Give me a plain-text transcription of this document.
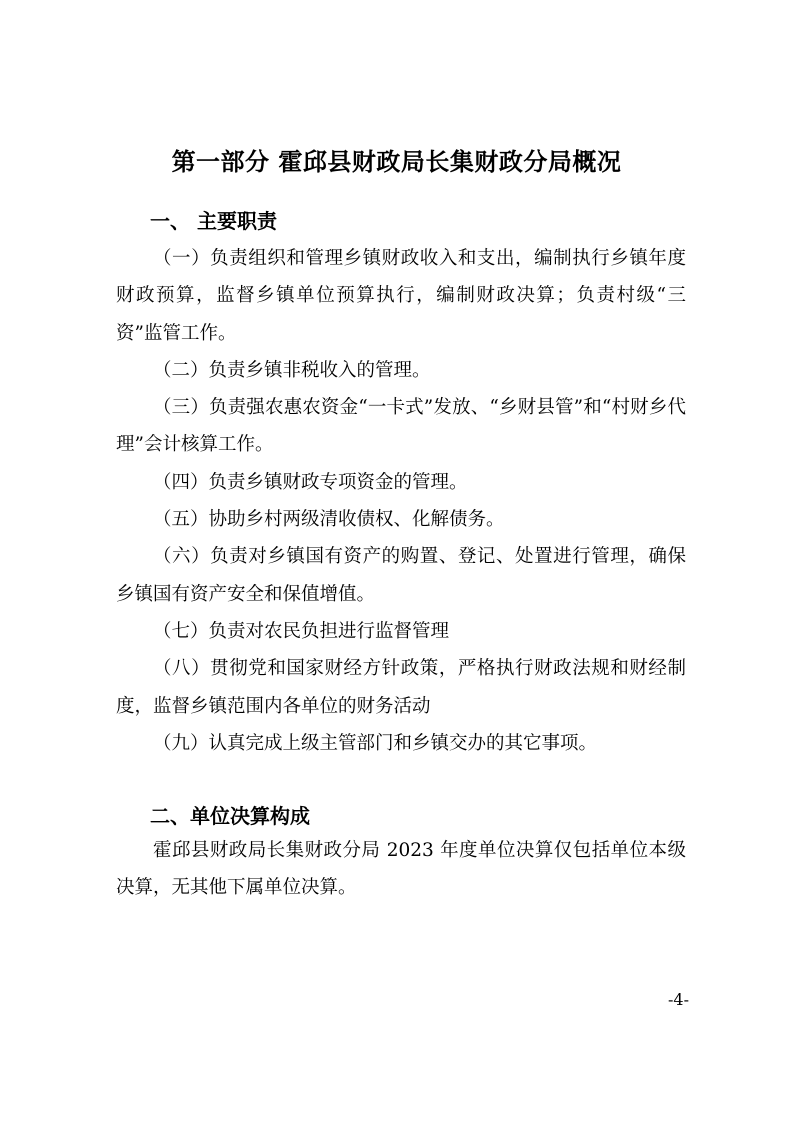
第一部分 霍邱县财政局长集财政分局概况
一、 主要职责

（一）负责组织和管理乡镇财政收入和支出，编制执行乡镇年度财政预算，监督乡镇单位预算执行，编制财政决算；负责村级“三资”监管工作。

（二）负责乡镇非税收入的管理。

（三）负责强农惠农资金“一卡式”发放、“乡财县管”和“村财乡代理”会计核算工作。

（四）负责乡镇财政专项资金的管理。

（五）协助乡村两级清收债权、化解债务。

（六）负责对乡镇国有资产的购置、登记、处置进行管理，确保乡镇国有资产安全和保值增值。

（七）负责对农民负担进行监督管理

（八）贯彻党和国家财经方针政策，严格执行财政法规和财经制度，监督乡镇范围内各单位的财务活动

（九）认真完成上级主管部门和乡镇交办的其它事项。

二、单位决算构成

霍邱县财政局长集财政分局 2023 年度单位决算仅包括单位本级决算，无其他下属单位决算。

-4-
